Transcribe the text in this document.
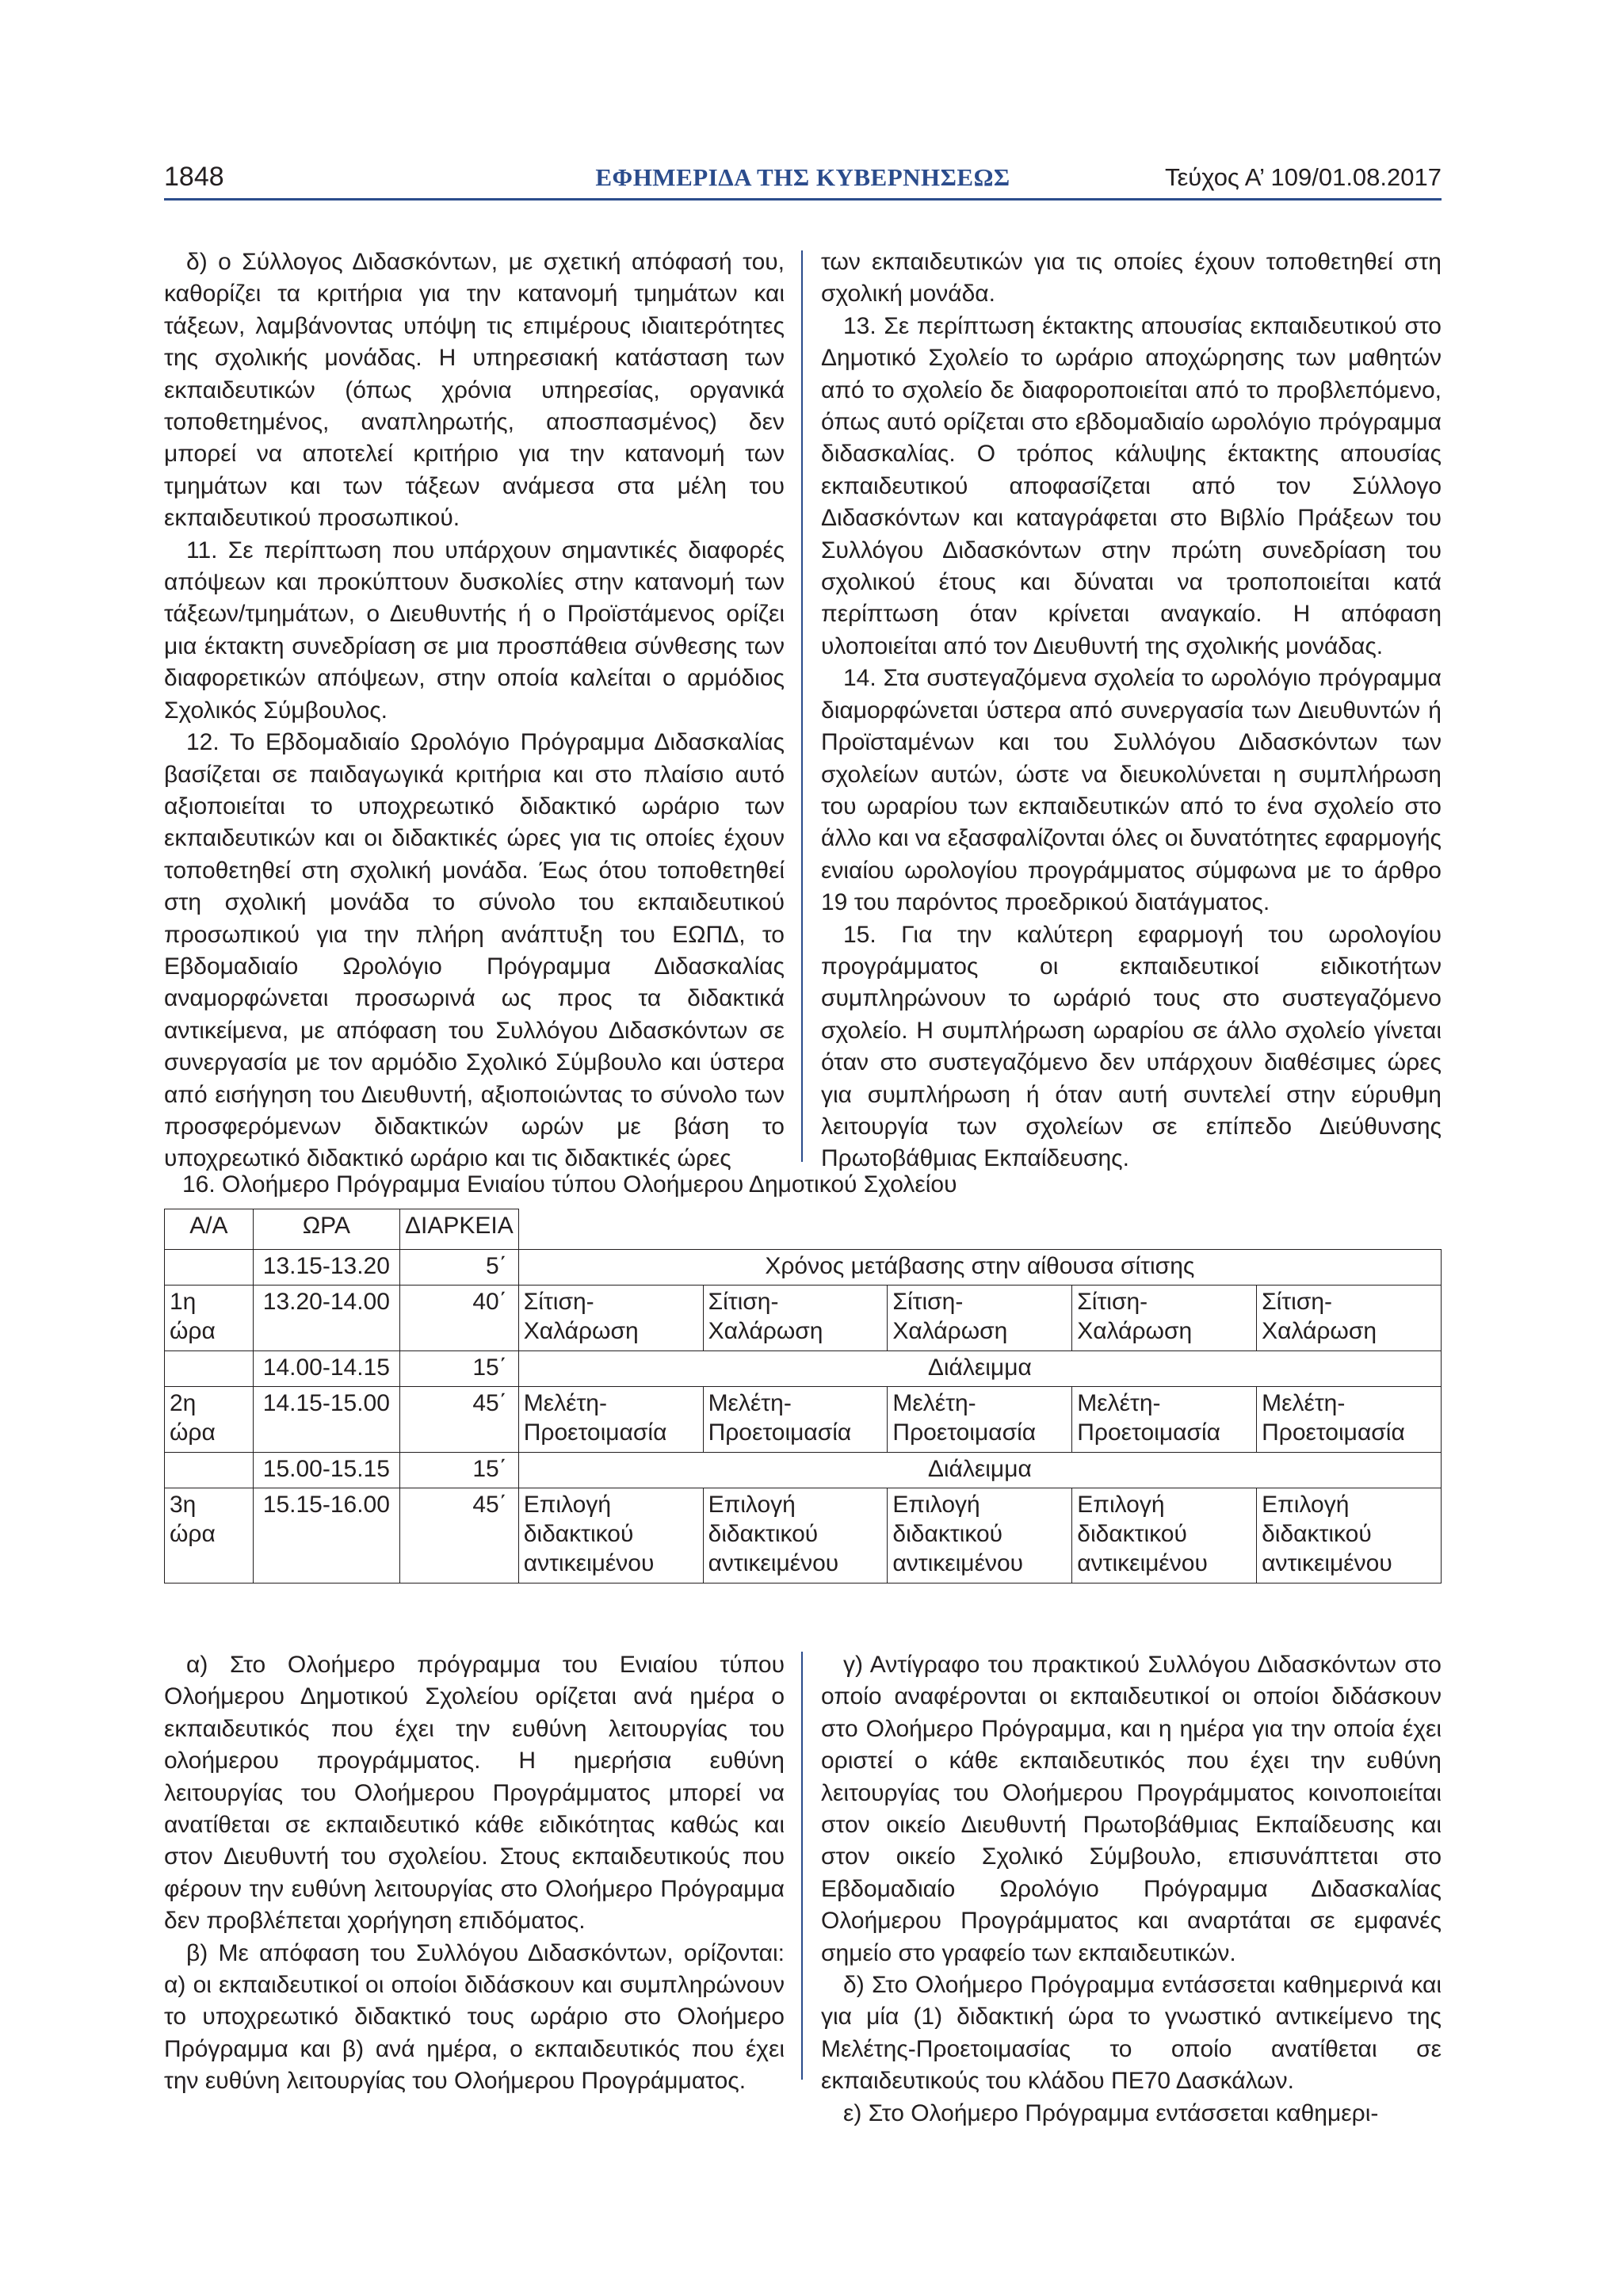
1848	ΕΦΗΜΕΡΙΔΑ ΤΗΣ ΚΥΒΕΡΝΗΣΕΩΣ	Τεύχος Α’ 109/01.08.2017

δ) ο Σύλλογος Διδασκόντων, με σχετική απόφασή του, καθορίζει τα κριτήρια για την κατανομή τμημάτων και τάξεων, λαμβάνοντας υπόψη τις επιμέρους ιδιαιτερότητες της σχολικής μονάδας. Η υπηρεσιακή κατάσταση των εκπαιδευτικών (όπως χρόνια υπηρεσίας, οργανικά τοποθετημένος, αναπληρωτής, αποσπασμένος) δεν μπορεί να αποτελεί κριτήριο για την κατανομή των τμημάτων και των τάξεων ανάμεσα στα μέλη του εκπαιδευτικού προσωπικού.

11. Σε περίπτωση που υπάρχουν σημαντικές διαφορές απόψεων και προκύπτουν δυσκολίες στην κατανομή των τάξεων/τμημάτων, ο Διευθυντής ή ο Προϊστάμενος ορίζει μια έκτακτη συνεδρίαση σε μια προσπάθεια σύνθεσης των διαφορετικών απόψεων, στην οποία καλείται ο αρμόδιος Σχολικός Σύμβουλος.

12. Το Εβδομαδιαίο Ωρολόγιο Πρόγραμμα Διδασκαλίας βασίζεται σε παιδαγωγικά κριτήρια και στο πλαίσιο αυτό αξιοποιείται το υποχρεωτικό διδακτικό ωράριο των εκπαιδευτικών και οι διδακτικές ώρες για τις οποίες έχουν τοποθετηθεί στη σχολική μονάδα. Έως ότου τοποθετηθεί στη σχολική μονάδα το σύνολο του εκπαιδευτικού προσωπικού για την πλήρη ανάπτυξη του ΕΩΠΔ, το Εβδομαδιαίο Ωρολόγιο Πρόγραμμα Διδασκαλίας αναμορφώνεται προσωρινά ως προς τα διδακτικά αντικείμενα, με απόφαση του Συλλόγου Διδασκόντων σε συνεργασία με τον αρμόδιο Σχολικό Σύμβουλο και ύστερα από εισήγηση του Διευθυντή, αξιοποιώντας το σύνολο των προσφερόμενων διδακτικών ωρών με βάση το υποχρεωτικό διδακτικό ωράριο και τις διδακτικές ώρες

των εκπαιδευτικών για τις οποίες έχουν τοποθετηθεί στη σχολική μονάδα.

13. Σε περίπτωση έκτακτης απουσίας εκπαιδευτικού στο Δημοτικό Σχολείο το ωράριο αποχώρησης των μαθητών από το σχολείο δε διαφοροποιείται από το προβλεπόμενο, όπως αυτό ορίζεται στο εβδομαδιαίο ωρολόγιο πρόγραμμα διδασκαλίας. Ο τρόπος κάλυψης έκτακτης απουσίας εκπαιδευτικού αποφασίζεται από τον Σύλλογο Διδασκόντων και καταγράφεται στο Βιβλίο Πράξεων του Συλλόγου Διδασκόντων στην πρώτη συνεδρίαση του σχολικού έτους και δύναται να τροποποιείται κατά περίπτωση όταν κρίνεται αναγκαίο. Η απόφαση υλοποιείται από τον Διευθυντή της σχολικής μονάδας.

14. Στα συστεγαζόμενα σχολεία το ωρολόγιο πρόγραμμα διαμορφώνεται ύστερα από συνεργασία των Διευθυντών ή Προϊσταμένων και του Συλλόγου Διδασκόντων των σχολείων αυτών, ώστε να διευκολύνεται η συμπλήρωση του ωραρίου των εκπαιδευτικών από το ένα σχολείο στο άλλο και να εξασφαλίζονται όλες οι δυνατότητες εφαρμογής ενιαίου ωρολογίου προγράμματος σύμφωνα με το άρθρο 19 του παρόντος προεδρικού διατάγματος.

15. Για την καλύτερη εφαρμογή του ωρολογίου προγράμματος οι εκπαιδευτικοί ειδικοτήτων συμπληρώνουν το ωράριό τους στο συστεγαζόμενο σχολείο. Η συμπλήρωση ωραρίου σε άλλο σχολείο γίνεται όταν στο συστεγαζόμενο δεν υπάρχουν διαθέσιμες ώρες για συμπλήρωση ή όταν αυτή συντελεί στην εύρυθμη λειτουργία των σχολείων σε επίπεδο Διεύθυνσης Πρωτοβάθμιας Εκπαίδευσης.

16. Ολοήμερο Πρόγραμμα Ενιαίου τύπου Ολοήμερου Δημοτικού Σχολείου
Α/Α	ΩΡΑ	ΔΙΑΡΚΕΙΑ					
	13.15-13.20	5΄	Χρόνος μετάβασης στην αίθουσα σίτισης				
1η ώρα	13.20-14.00	40΄	Σίτιση-Χαλάρωση	Σίτιση-Χαλάρωση	Σίτιση-Χαλάρωση	Σίτιση-Χαλάρωση	Σίτιση-Χαλάρωση
	14.00-14.15	15΄	Διάλειμμα				
2η ώρα	14.15-15.00	45΄	Μελέτη-Προετοιμασία	Μελέτη-Προετοιμασία	Μελέτη-Προετοιμασία	Μελέτη-Προετοιμασία	Μελέτη-Προετοιμασία
	15.00-15.15	15΄	Διάλειμμα				
3η ώρα	15.15-16.00	45΄	Επιλογή διδακτικού αντικειμένου	Επιλογή διδακτικού αντικειμένου	Επιλογή διδακτικού αντικειμένου	Επιλογή διδακτικού αντικειμένου	Επιλογή διδακτικού αντικειμένου

α) Στο Ολοήμερο πρόγραμμα του Ενιαίου τύπου Ολοήμερου Δημοτικού Σχολείου ορίζεται ανά ημέρα ο εκπαιδευτικός που έχει την ευθύνη λειτουργίας του ολοήμερου προγράμματος. Η ημερήσια ευθύνη λειτουργίας του Ολοήμερου Προγράμματος μπορεί να ανατίθεται σε εκπαιδευτικό κάθε ειδικότητας καθώς και στον Διευθυντή του σχολείου. Στους εκπαιδευτικούς που φέρουν την ευθύνη λειτουργίας στο Ολοήμερο Πρόγραμμα δεν προβλέπεται χορήγηση επιδόματος.

β) Με απόφαση του Συλλόγου Διδασκόντων, ορίζονται: α) οι εκπαιδευτικοί οι οποίοι διδάσκουν και συμπληρώνουν το υποχρεωτικό διδακτικό τους ωράριο στο Ολοήμερο Πρόγραμμα και β) ανά ημέρα, ο εκπαιδευτικός που έχει την ευθύνη λειτουργίας του Ολοήμερου Προγράμματος.

γ) Αντίγραφο του πρακτικού Συλλόγου Διδασκόντων στο οποίο αναφέρονται οι εκπαιδευτικοί οι οποίοι διδάσκουν στο Ολοήμερο Πρόγραμμα, και η ημέρα για την οποία έχει οριστεί ο κάθε εκπαιδευτικός που έχει την ευθύνη λειτουργίας του Ολοήμερου Προγράμματος κοινοποιείται στον οικείο Διευθυντή Πρωτοβάθμιας Εκπαίδευσης και στον οικείο Σχολικό Σύμβουλο, επισυνάπτεται στο Εβδομαδιαίο Ωρολόγιο Πρόγραμμα Διδασκαλίας Ολοήμερου Προγράμματος και αναρτάται σε εμφανές σημείο στο γραφείο των εκπαιδευτικών.

δ) Στο Ολοήμερο Πρόγραμμα εντάσσεται καθημερινά και για μία (1) διδακτική ώρα το γνωστικό αντικείμενο της Μελέτης-Προετοιμασίας το οποίο ανατίθεται σε εκπαιδευτικούς του κλάδου ΠΕ70 Δασκάλων.

ε) Στο Ολοήμερο Πρόγραμμα εντάσσεται καθημερι-
